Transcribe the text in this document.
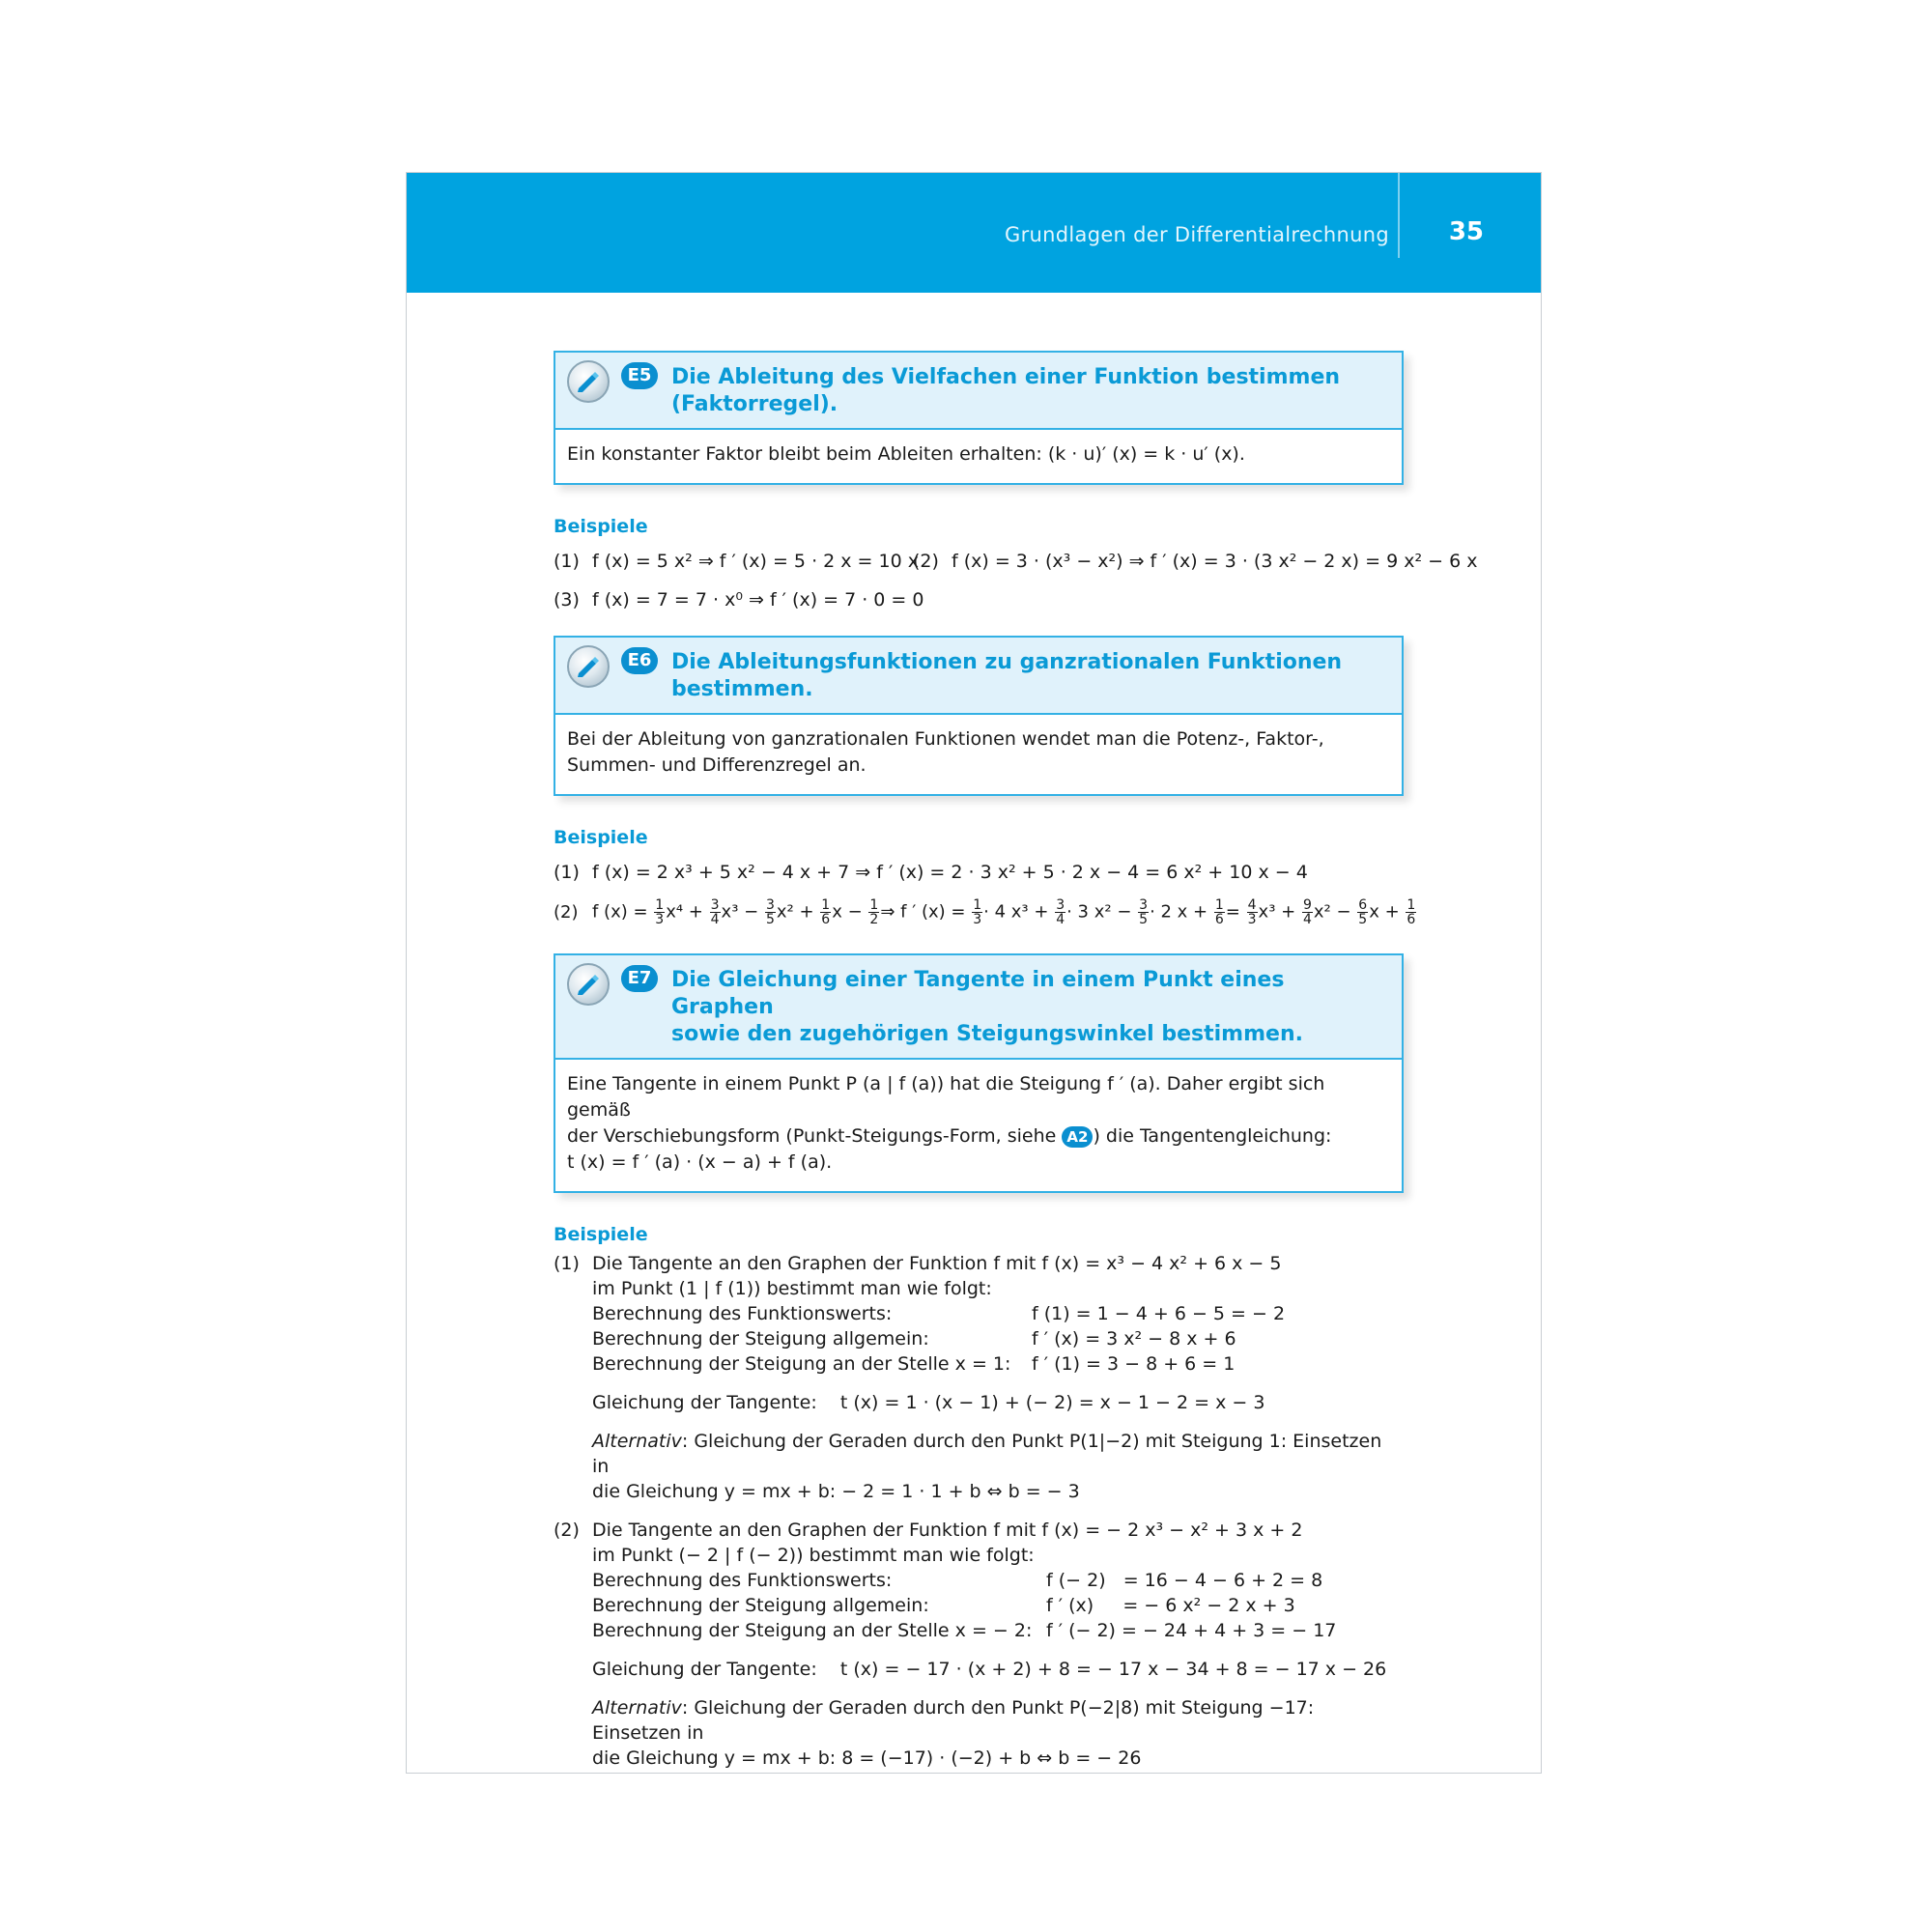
Grundlagen der Differentialrechnung 35
E5 Die Ableitung des Vielfachen einer Funktion bestimmen
(Faktorregel).
Ein konstanter Faktor bleibt beim Ableiten erhalten: (k · u)′ (x) = k · u′ (x).
Beispiele
(1) f (x) = 5 x² ⇒ f ′ (x) = 5 · 2 x = 10 x
(2) f (x) = 3 · (x³ − x²) ⇒ f ′ (x) = 3 · (3 x² − 2 x) = 9 x² − 6 x
(3) f (x) = 7 = 7 · x⁰ ⇒ f ′ (x) = 7 · 0 = 0
E6 Die Ableitungsfunktionen zu ganzrationalen Funktionen bestimmen.
Bei der Ableitung von ganzrationalen Funktionen wendet man die Potenz-, Faktor-,
Summen- und Differenzregel an.
Beispiele
(1) f (x) = 2 x³ + 5 x² − 4 x + 7 ⇒ f ′ (x) = 2 · 3 x² + 5 · 2 x − 4 = 6 x² + 10 x − 4
(2) f $(x) = \frac{1}{3} x^4 + \frac{3}{4} x^3 - \frac{3}{5} x^2 + \frac{1}{6}$ $x - \frac{1}{2}$ ⇒ f ′ $(x) = \frac{1}{3} \cdot 4$ $x^3 + \frac{3}{4} \cdot 3$ $x^2 - \frac{3}{5} \cdot 2$ $x + \frac{1}{6} = \frac{4}{3} x^3 + \frac{9}{4} x^2 - \frac{6}{5}$ $x + \frac{1}{6}$
E7 Die Gleichung einer Tangente in einem Punkt eines Graphen
sowie den zugehörigen Steigungswinkel bestimmen.
Eine Tangente in einem Punkt P (a | f (a)) hat die Steigung f ′ (a). Daher ergibt sich gemäß
der Verschiebungsform (Punkt-Steigungs-Form, siehe A2 ) die Tangentengleichung:
t (x) = f ′ (a) · (x − a) + f (a).
Beispiele
(1) Die Tangente an den Graphen der Funktion f mit f (x) = x³ − 4 x² + 6 x − 5
im Punkt (1 | f (1)) bestimmt man wie folgt:
Berechnung des Funktionswerts:	f (1) = 1 − 4 + 6 − 5 = − 2
Berechnung der Steigung allgemein:	f ′ (x) = 3 x² − 8 x + 6
Berechnung der Steigung an der Stelle x = 1:	f ′ (1) = 3 − 8 + 6 = 1
Gleichung der Tangente:    t (x) = 1 · (x − 1) + (− 2) = x − 1 − 2 = x − 3
Alternativ: Gleichung der Geraden durch den Punkt P(1|−2) mit Steigung 1: Einsetzen in
die Gleichung y = mx + b: − 2 = 1 · 1 + b ⇔ b = − 3
(2) Die Tangente an den Graphen der Funktion f mit f (x) = − 2 x³ − x² + 3 x + 2
im Punkt (− 2 | f (− 2)) bestimmt man wie folgt:
Berechnung des Funktionswerts:	f (− 2)   = 16 − 4 − 6 + 2 = 8
Berechnung der Steigung allgemein:	f ′ (x)     = − 6 x² − 2 x + 3
Berechnung der Steigung an der Stelle x = − 2: f ′ (− 2) = − 24 + 4 + 3 = − 17
Gleichung der Tangente:    t (x) = − 17 · (x + 2) + 8 = − 17 x − 34 + 8 = − 17 x − 26
Alternativ: Gleichung der Geraden durch den Punkt P(−2|8) mit Steigung −17: Einsetzen in
die Gleichung y = mx + b: 8 = (−17) · (−2) + b ⇔ b = − 26
